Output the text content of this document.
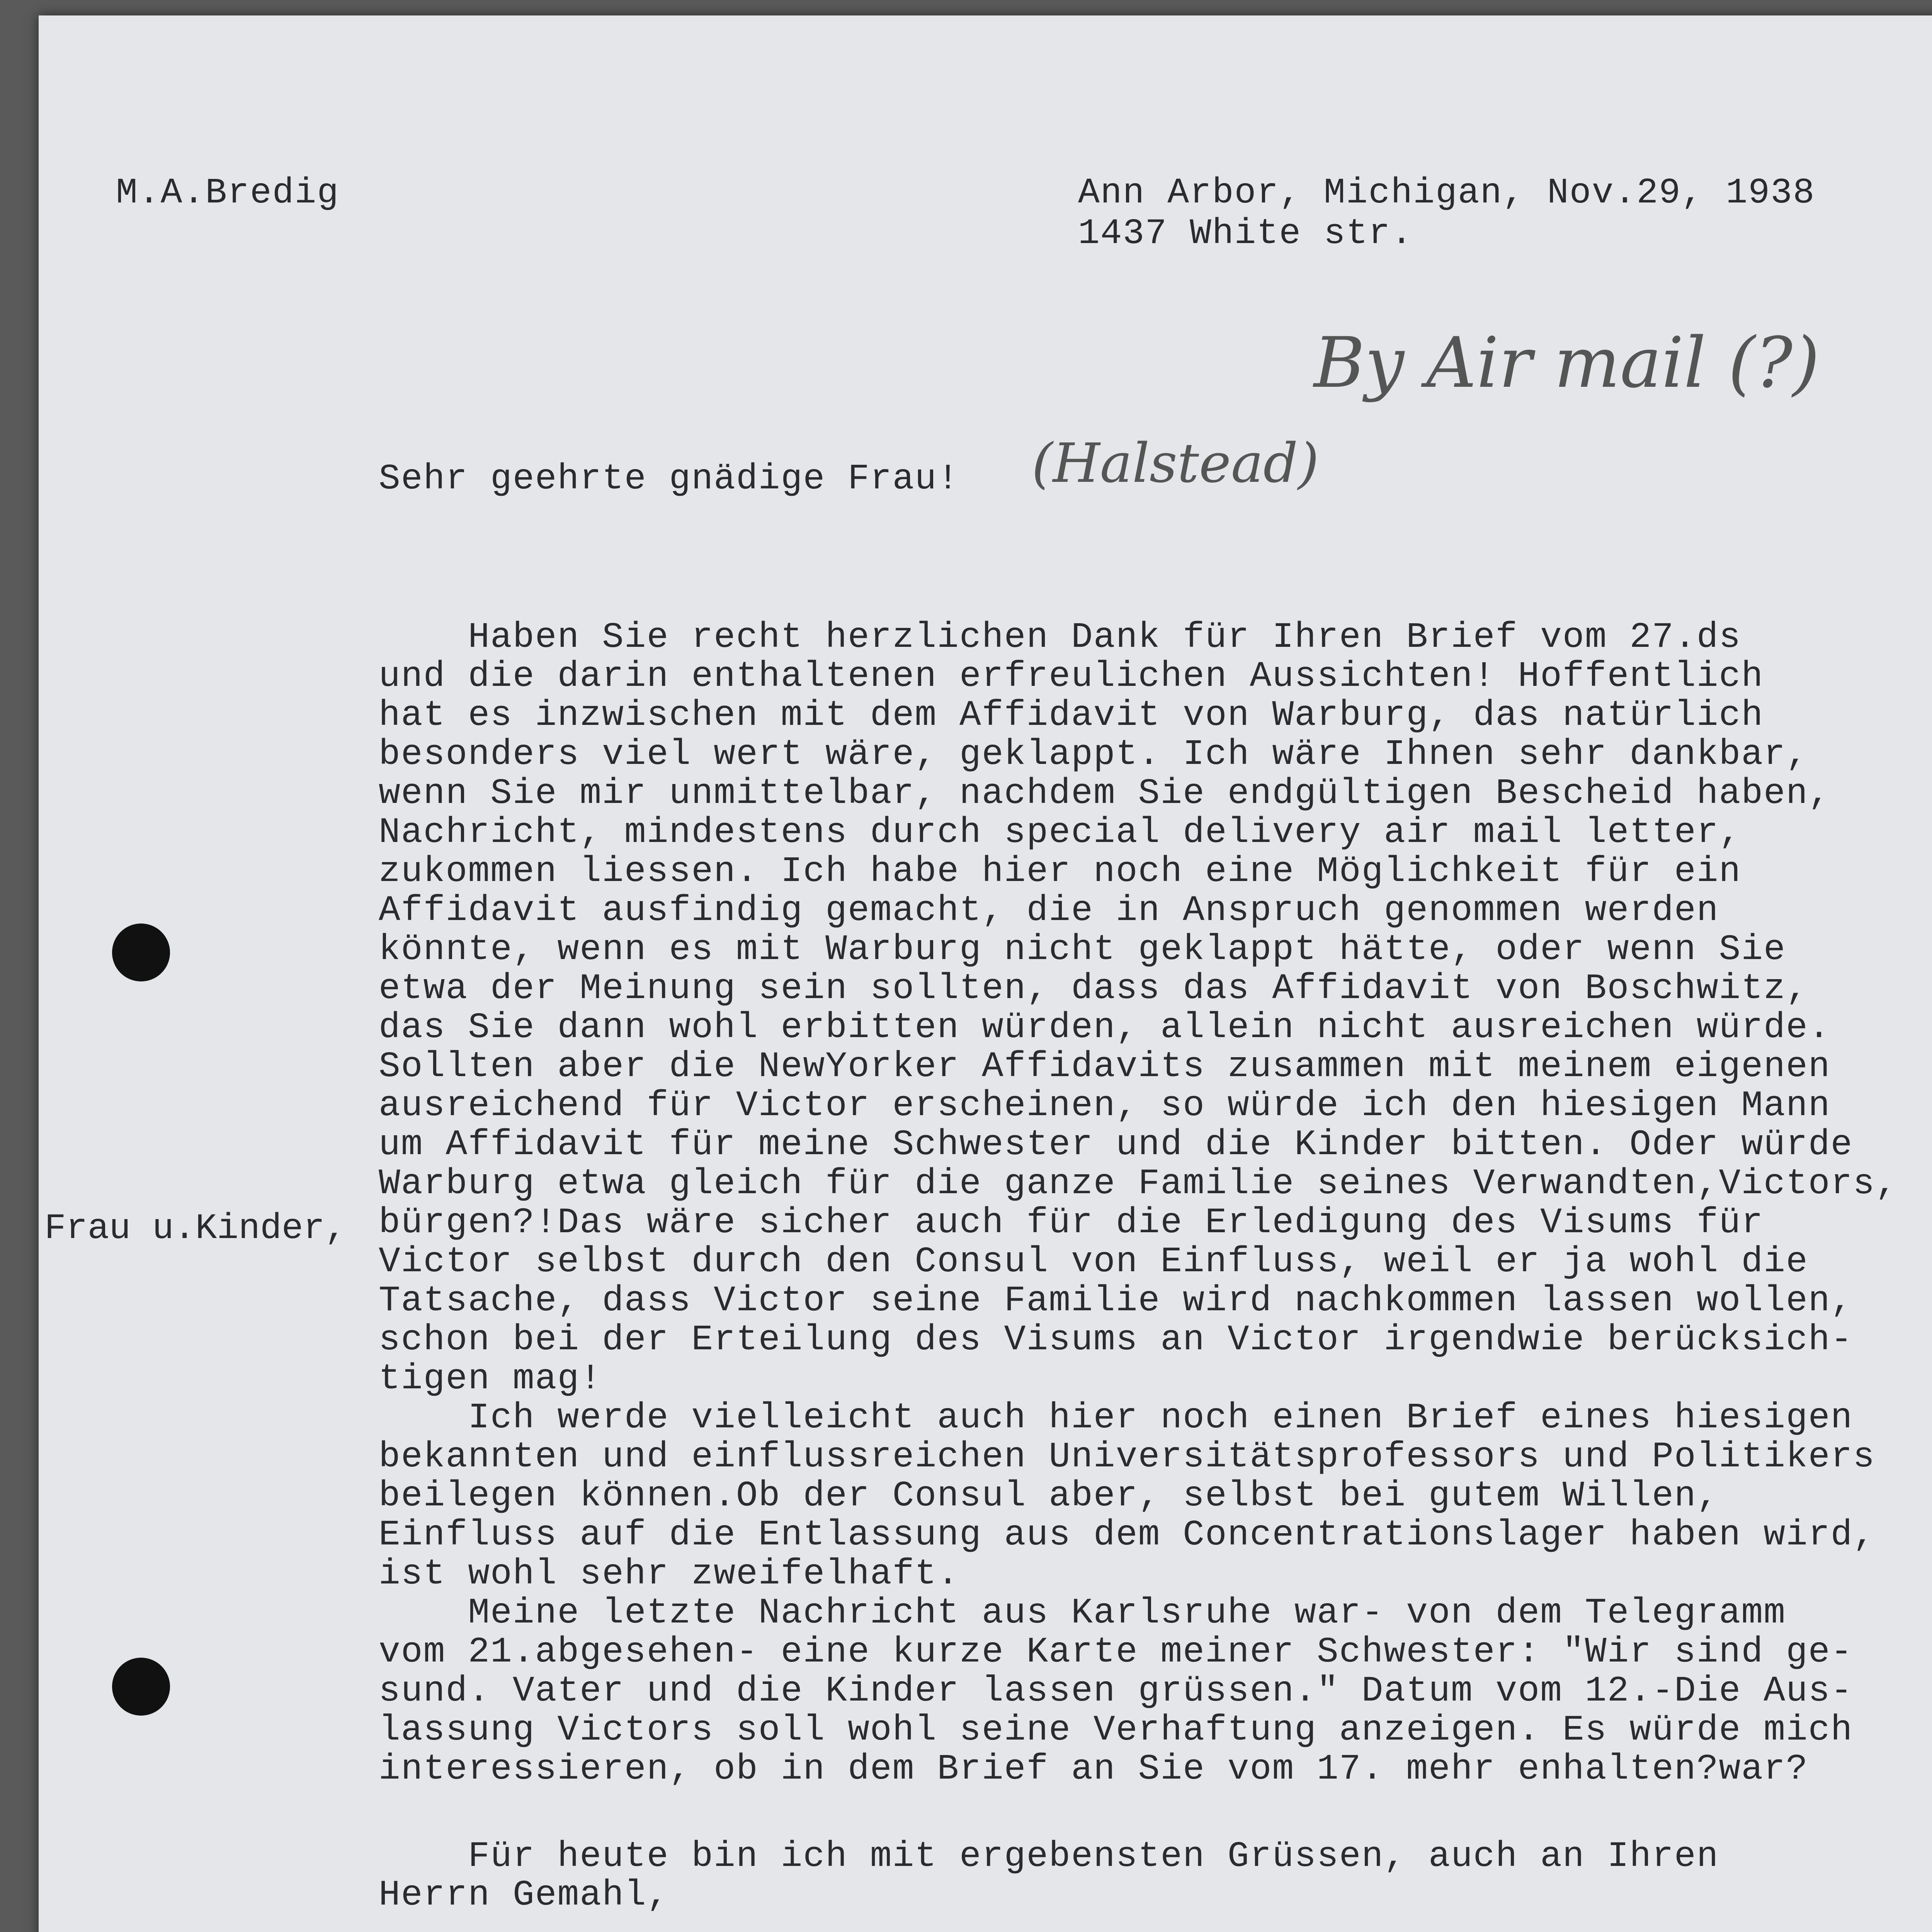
M.A.Bredig	Ann Arbor, Michigan, Nov.29, 1938
1437 White str.
By Air mail (?)
(Halstead)
Sehr geehrte gnädige Frau!
Frau u.Kinder,
Haben Sie recht herzlichen Dank für Ihren Brief vom 27.ds
und die darin enthaltenen erfreulichen Aussichten! Hoffentlich
hat es inzwischen mit dem Affidavit von Warburg, das natürlich
besonders viel wert wäre, geklappt. Ich wäre Ihnen sehr dankbar,
wenn Sie mir unmittelbar, nachdem Sie endgültigen Bescheid haben,
Nachricht, mindestens durch special delivery air mail letter,
zukommen liessen. Ich habe hier noch eine Möglichkeit für ein
Affidavit ausfindig gemacht, die in Anspruch genommen werden
könnte, wenn es mit Warburg nicht geklappt hätte, oder wenn Sie
etwa der Meinung sein sollten, dass das Affidavit von Boschwitz,
das Sie dann wohl erbitten würden, allein nicht ausreichen würde.
Sollten aber die NewYorker Affidavits zusammen mit meinem eigenen
ausreichend für Victor erscheinen, so würde ich den hiesigen Mann
um Affidavit für meine Schwester und die Kinder bitten. Oder würde
Warburg etwa gleich für die ganze Familie seines Verwandten,Victors,
bürgen?!Das wäre sicher auch für die Erledigung des Visums für
Victor selbst durch den Consul von Einfluss, weil er ja wohl die
Tatsache, dass Victor seine Familie wird nachkommen lassen wollen,
schon bei der Erteilung des Visums an Victor irgendwie berücksich-
tigen mag!
Ich werde vielleicht auch hier noch einen Brief eines hiesigen
bekannten und einflussreichen Universitätsprofessors und Politikers
beilegen können.Ob der Consul aber, selbst bei gutem Willen,
Einfluss auf die Entlassung aus dem Concentrationslager haben wird,
ist wohl sehr zweifelhaft.
Meine letzte Nachricht aus Karlsruhe war- von dem Telegramm
vom 21.abgesehen- eine kurze Karte meiner Schwester: "Wir sind ge-
sund. Vater und die Kinder lassen grüssen." Datum vom 12.-Die Aus-
lassung Victors soll wohl seine Verhaftung anzeigen. Es würde mich
interessieren, ob in dem Brief an Sie vom 17. mehr enhalten?war?
Für heute bin ich mit ergebensten Grüssen, auch an Ihren
Herrn Gemahl,
